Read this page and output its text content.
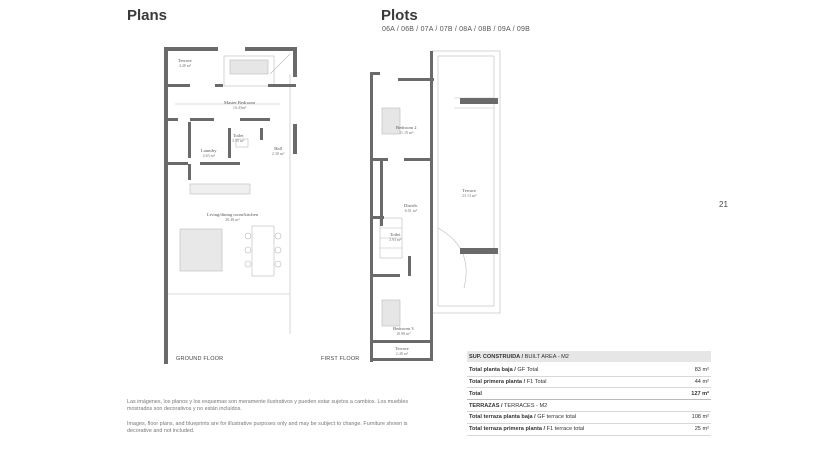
Plans	Plots
06A / 06B / 07A / 07B / 08A / 08B / 09A / 09B
21
Terrace
4.48 m²
Master Bedroom
16.43m²
Toilet
3.39 m²
Laundry
4.63 m²
Hall
2.30 m²
Living/dining room/kitchen
30.48 m²
GROUND FLOOR
Bedroom 2
11.19 m²
Distrib.
6.01 m²
Toilet
3.93 m²
Bedroom 3
10.98 m²
Terrace
2.48 m²
Terrace
23.13 m²
FIRST FLOOR
Las imágenes, los planos y los esquemas son meramente ilustrativos y pueden estar sujetos a cambios. Los muebles mostrados son decorativos y no están incluidos.
Images, floor plans, and blueprints are for illustrative purposes only and may be subject to change. Furniture shown is decorative and not included.
SUP. CONSTRUIDA / BUILT AREA - M2
Total planta baja / GF Total	83 m²
Total primera planta / F1 Total	44 m²
Total	127 m²
TERRAZAS / TERRACES - M2
Total terraza planta baja / GF terrace total	108 m²
Total terraza primera planta / F1 terrace total	25 m²
